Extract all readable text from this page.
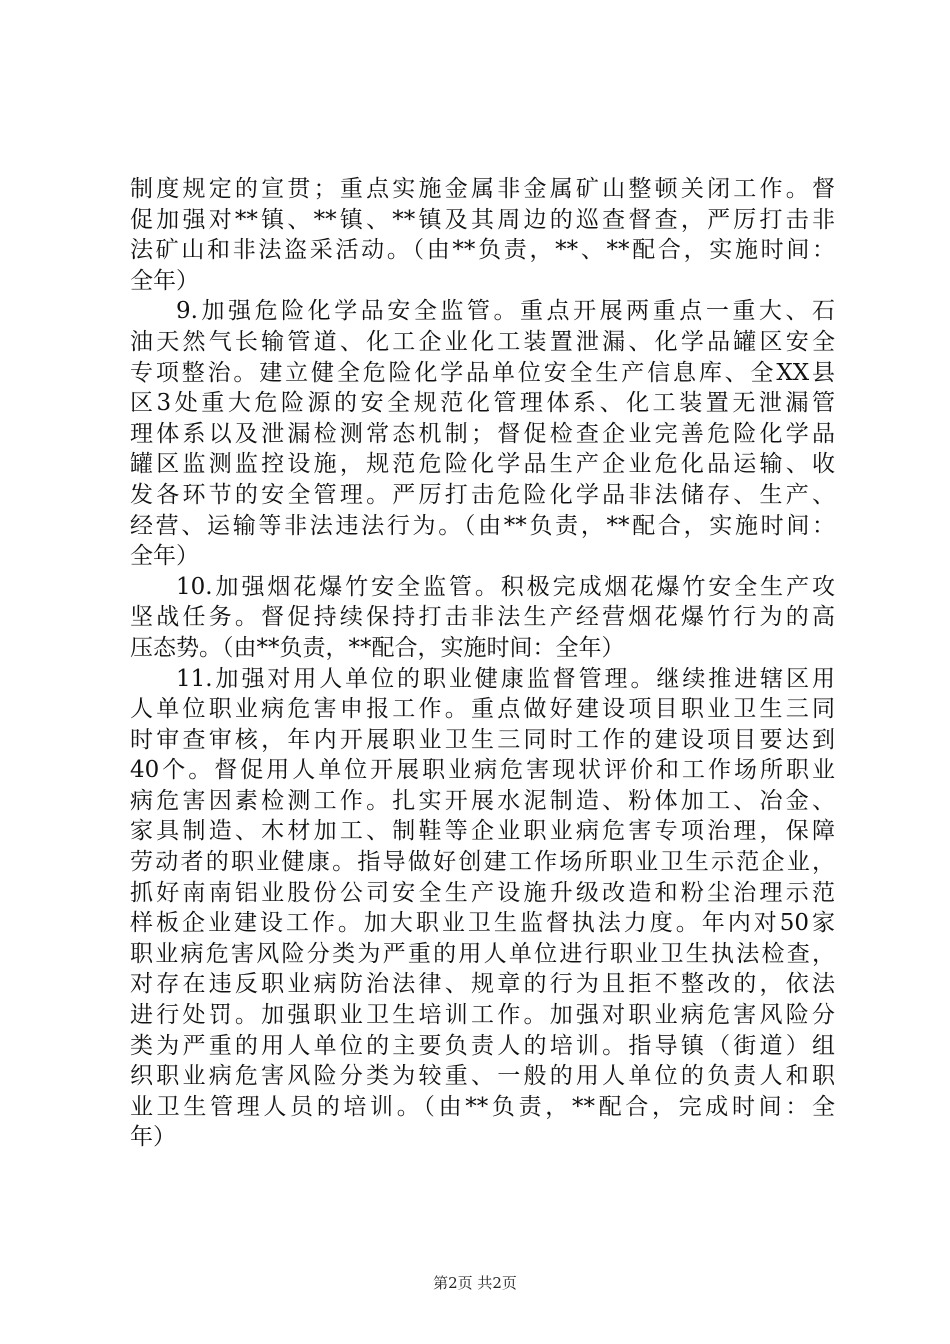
制度规定的宣贯；重点实施金属非金属矿山整顿关闭工作。督
促加强对**镇、**镇、**镇及其周边的巡查督查，严厉打击非
法矿山和非法盗采活动。（由**负责，**、**配合，实施时间：
全年）
9.加强危险化学品安全监管。重点开展两重点一重大、石
油天然气长输管道、化工企业化工装置泄漏、化学品罐区安全
专项整治。建立健全危险化学品单位安全生产信息库、全XX县
区3处重大危险源的安全规范化管理体系、化工装置无泄漏管
理体系以及泄漏检测常态机制；督促检查企业完善危险化学品
罐区监测监控设施，规范危险化学品生产企业危化品运输、收
发各环节的安全管理。严厉打击危险化学品非法储存、生产、
经营、运输等非法违法行为。（由**负责，**配合，实施时间：
全年）
10.加强烟花爆竹安全监管。积极完成烟花爆竹安全生产攻
坚战任务。督促持续保持打击非法生产经营烟花爆竹行为的高
压态势。（由**负责，**配合，实施时间：全年）
11.加强对用人单位的职业健康监督管理。继续推进辖区用
人单位职业病危害申报工作。重点做好建设项目职业卫生三同
时审查审核，年内开展职业卫生三同时工作的建设项目要达到
40个。督促用人单位开展职业病危害现状评价和工作场所职业
病危害因素检测工作。扎实开展水泥制造、粉体加工、冶金、
家具制造、木材加工、制鞋等企业职业病危害专项治理，保障
劳动者的职业健康。指导做好创建工作场所职业卫生示范企业，
抓好南南铝业股份公司安全生产设施升级改造和粉尘治理示范
样板企业建设工作。加大职业卫生监督执法力度。年内对50家
职业病危害风险分类为严重的用人单位进行职业卫生执法检查，
对存在违反职业病防治法律、规章的行为且拒不整改的，依法
进行处罚。加强职业卫生培训工作。加强对职业病危害风险分
类为严重的用人单位的主要负责人的培训。指导镇（街道）组
织职业病危害风险分类为较重、一般的用人单位的负责人和职
业卫生管理人员的培训。（由**负责，**配合，完成时间：全
年）
第2页 共2页
